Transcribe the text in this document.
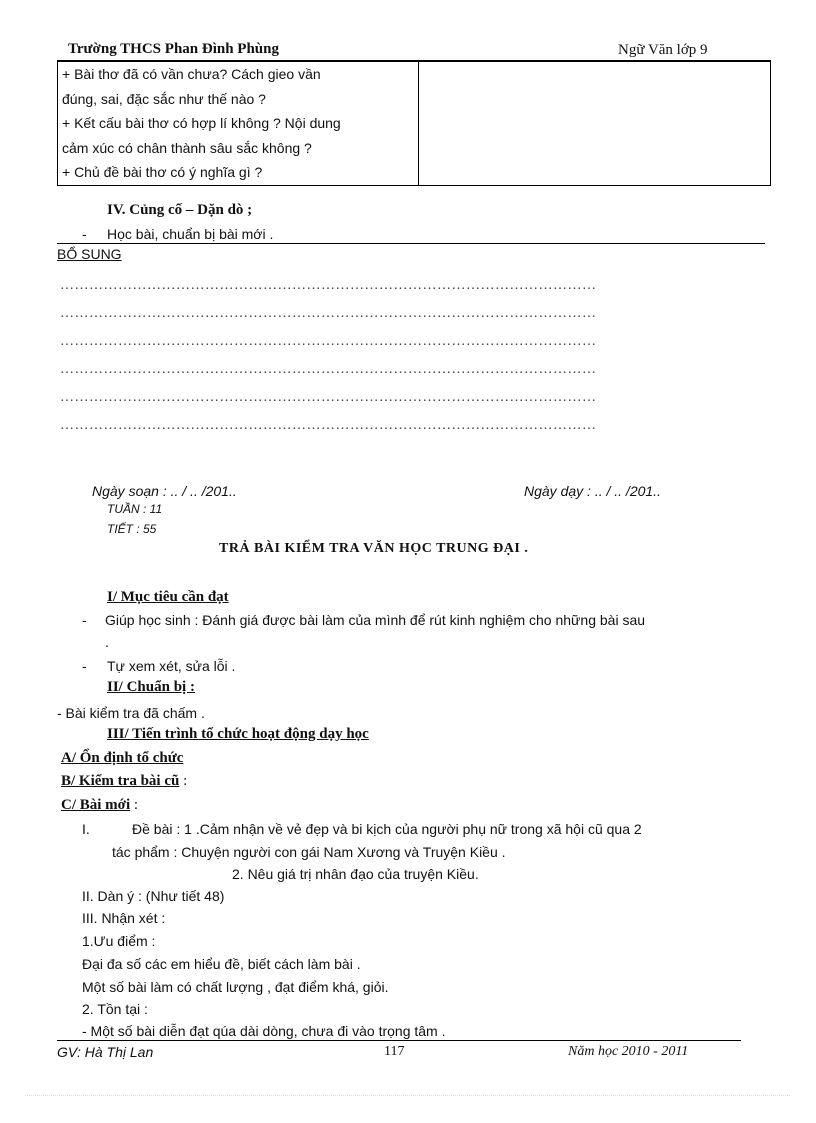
Trường THCS Phan Đình Phùng	Ngữ Văn lớp 9
+ Bài thơ đã có vần chưa? Cách gieo vần
đúng, sai, đặc sắc như thế nào ?
+ Kết cấu bài thơ có hợp lí không ? Nội dung
cảm xúc có chân thành sâu sắc không ?
+ Chủ đề bài thơ có ý nghĩa gì ?

IV. Củng cố – Dặn dò ;
- Học bài, chuẩn bị bài mới .
BỔ SUNG
…………………………………………………………………………………………………
…………………………………………………………………………………………………
…………………………………………………………………………………………………
…………………………………………………………………………………………………
…………………………………………………………………………………………………
…………………………………………………………………………………………………
Ngày soạn : .. / .. /201..	Ngày dạy : .. / .. /201..
TUẦN : 11
TIẾT : 55
TRẢ BÀI KIỂM TRA VĂN HỌC TRUNG ĐẠI .
I/ Mục tiêu cần đạt
- Giúp học sinh : Đánh giá được bài làm của mình để rút kinh nghiệm cho những bài sau
.
- Tự xem xét, sửa lỗi .
II/ Chuẩn bị :
- Bài kiểm tra đã chấm .
III/ Tiến trình tổ chức hoạt động dạy học
A/ Ổn định tổ chức
B/ Kiểm tra bài cũ :
C/ Bài mới :
I.	Đề bài : 1 .Cảm nhận về vẻ đẹp và bi kịch của người phụ nữ trong xã hội cũ qua 2
tác phẩm : Chuyện người con gái Nam Xương và Truyện Kiều .
2. Nêu giá trị nhân đạo của truyện Kiều.
II. Dàn ý : (Như tiết 48)
III. Nhận xét :
1.Ưu điểm :
Đại đa số các em hiểu đề, biết cách làm bài .
Một số bài làm có chất lượng , đạt điểm khá, giỏi.
2. Tồn tại :
- Một số bài diễn đạt qúa dài dòng, chưa đi vào trọng tâm .
GV: Hà Thị Lan	117	Năm học 2010 - 2011
